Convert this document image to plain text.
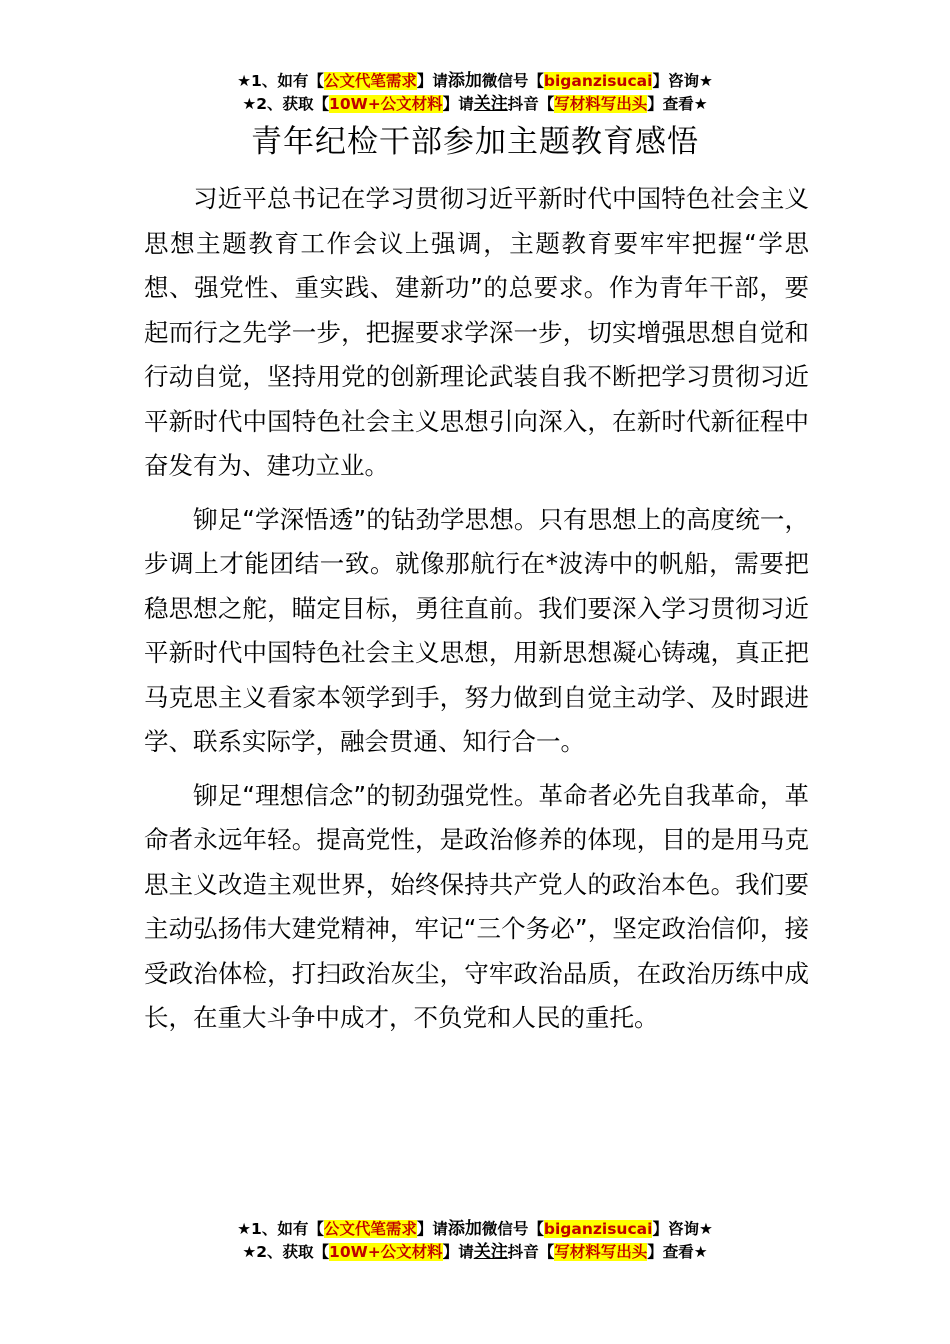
★1、如有【公文代笔需求】请添加微信号【biganzisucai】咨询★
★2、获取【10W+公文材料】请关注抖音【写材料写出头】查看★
青年纪检干部参加主题教育感悟

习近平总书记在学习贯彻习近平新时代中国特色社会主义思想主题教育工作会议上强调，主题教育要牢牢把握“学思想、强党性、重实践、建新功”的总要求。作为青年干部，要起而行之先学一步，把握要求学深一步，切实增强思想自觉和行动自觉，坚持用党的创新理论武装自我不断把学习贯彻习近平新时代中国特色社会主义思想引向深入，在新时代新征程中奋发有为、建功立业。

铆足“学深悟透”的钻劲学思想。只有思想上的高度统一，步调上才能团结一致。就像那航行在*波涛中的帆船，需要把稳思想之舵，瞄定目标，勇往直前。我们要深入学习贯彻习近平新时代中国特色社会主义思想，用新思想凝心铸魂，真正把马克思主义看家本领学到手，努力做到自觉主动学、及时跟进学、联系实际学，融会贯通、知行合一。

铆足“理想信念”的韧劲强党性。革命者必先自我革命，革命者永远年轻。提高党性，是政治修养的体现，目的是用马克思主义改造主观世界，始终保持共产党人的政治本色。我们要主动弘扬伟大建党精神，牢记“三个务必”，坚定政治信仰，接受政治体检，打扫政治灰尘，守牢政治品质，在政治历练中成长，在重大斗争中成才，不负党和人民的重托。

★1、如有【公文代笔需求】请添加微信号【biganzisucai】咨询★
★2、获取【10W+公文材料】请关注抖音【写材料写出头】查看★
